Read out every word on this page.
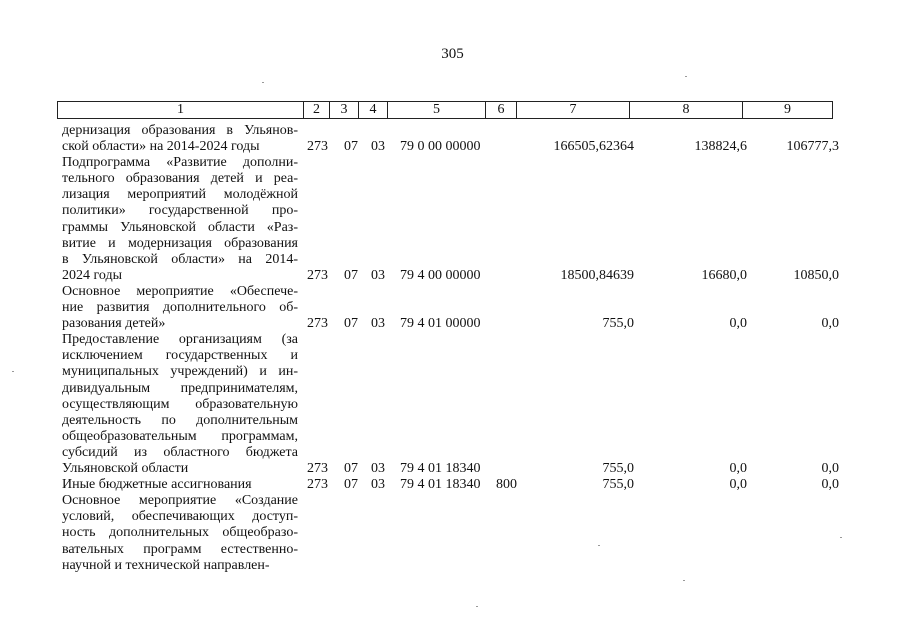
305
1	2	3	4	5	6	7	8	9
дернизация образования в Ульянов-
ской области» на 2014-2024 годы	273 07 03 79 0 00 00000	166505,62364	138824,6	106777,3
Подпрограмма «Развитие дополни-
тельного образования детей и реа-
лизация мероприятий молодёжной
политики» государственной про-
граммы Ульяновской области «Раз-
витие и модернизация образования
в Ульяновской области» на 2014-
2024 годы	273 07 03 79 4 00 00000	18500,84639	16680,0	10850,0
Основное мероприятие «Обеспече-
ние развития дополнительного об-
разования детей»	273 07 03 79 4 01 00000	755,0	0,0	0,0
Предоставление организациям (за
исключением государственных и
муниципальных учреждений) и ин-
дивидуальным предпринимателям,
осуществляющим образовательную
деятельность по дополнительным
общеобразовательным программам,
субсидий из областного бюджета
Ульяновской области	273 07 03 79 4 01 18340	755,0	0,0	0,0
Иные бюджетные ассигнования	273 07 03 79 4 01 18340 800	755,0	0,0	0,0
Основное мероприятие «Создание
условий, обеспечивающих доступ-
ность дополнительных общеобразо-
вательных программ естественно-
научной и технической направлен-
